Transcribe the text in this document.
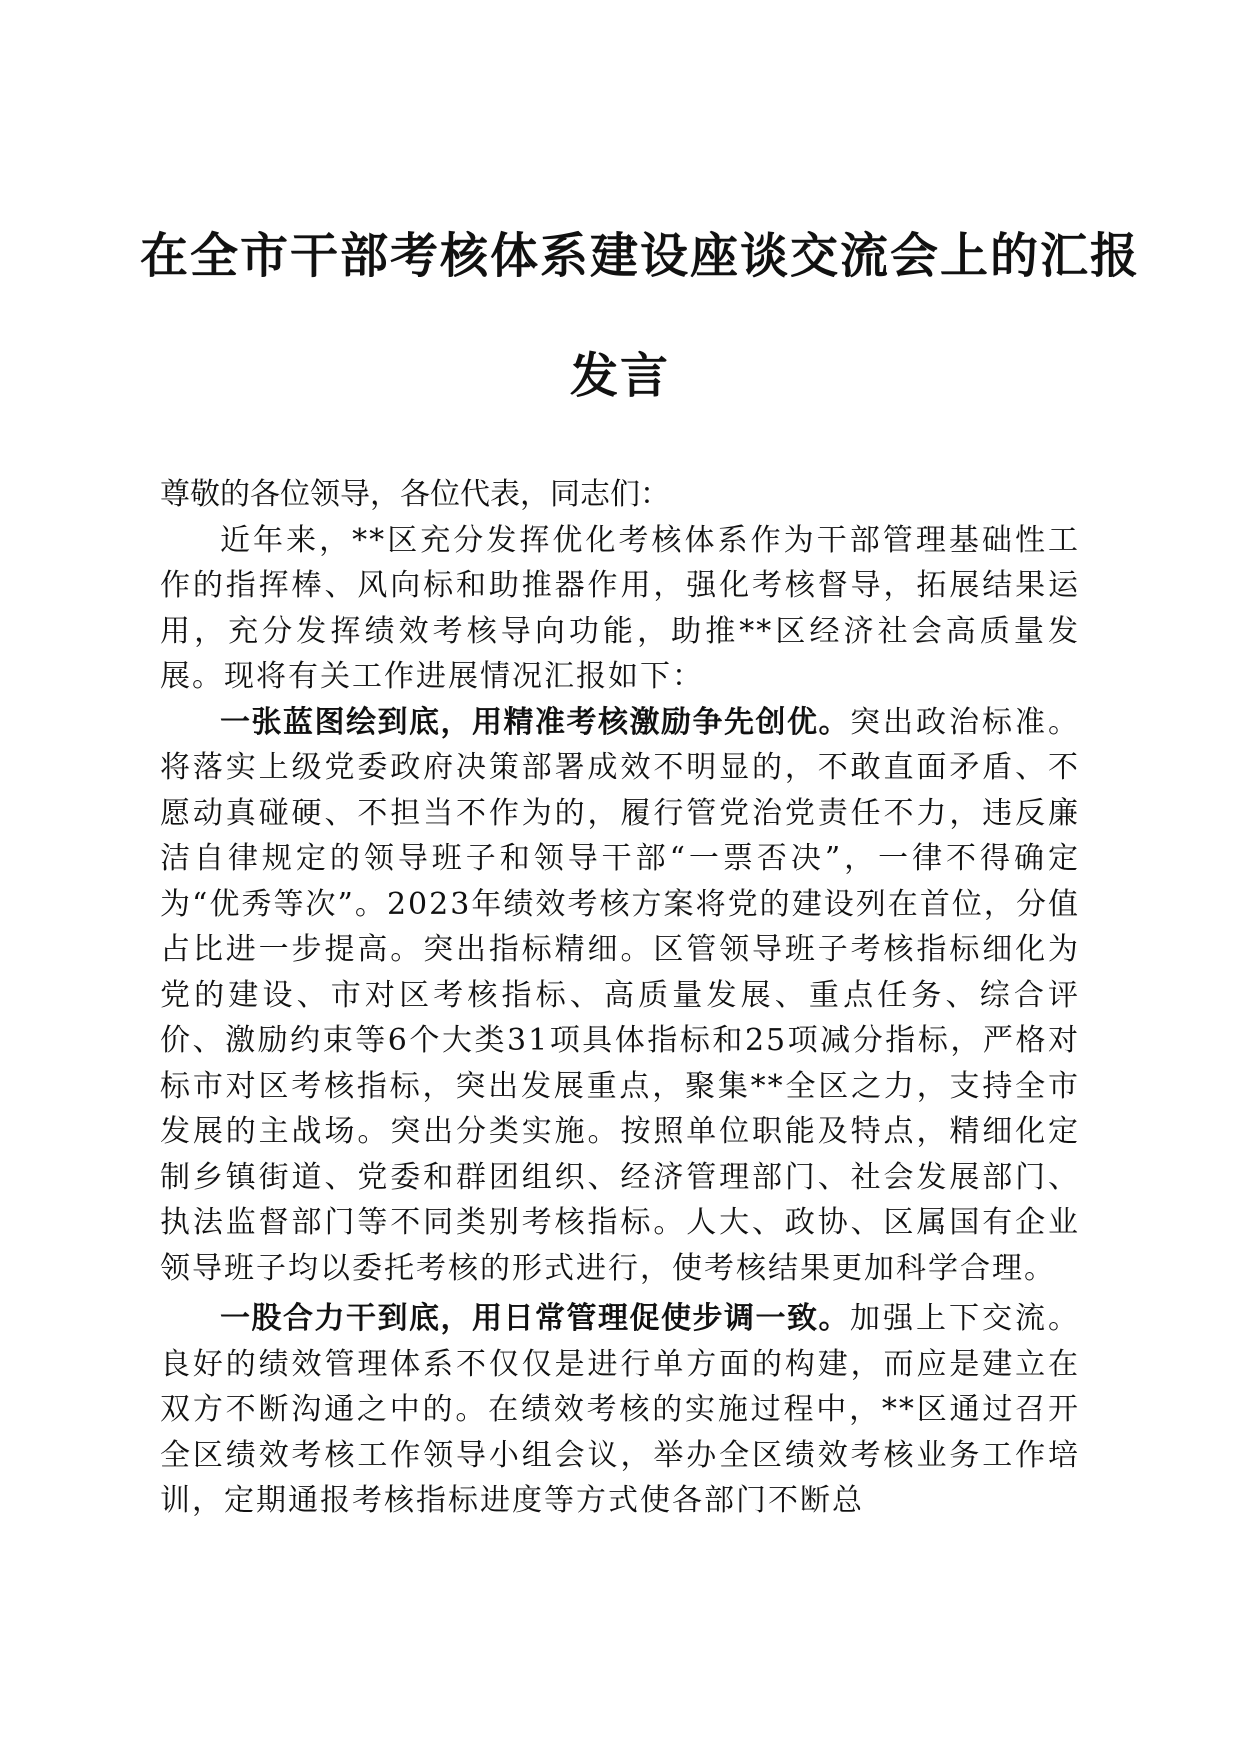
在全市干部考核体系建设座谈交流会上的汇报
发言

尊敬的各位领导，各位代表，同志们：

近年来，**区充分发挥优化考核体系作为干部管理基础性工作的指挥棒、风向标和助推器作用，强化考核督导，拓展结果运用，充分发挥绩效考核导向功能，助推**区经济社会高质量发展。现将有关工作进展情况汇报如下：

一张蓝图绘到底，用精准考核激励争先创优。突出政治标准。将落实上级党委政府决策部署成效不明显的，不敢直面矛盾、不愿动真碰硬、不担当不作为的，履行管党治党责任不力，违反廉洁自律规定的领导班子和领导干部“一票否决”，一律不得确定为“优秀等次”。2023年绩效考核方案将党的建设列在首位，分值占比进一步提高。突出指标精细。区管领导班子考核指标细化为党的建设、市对区考核指标、高质量发展、重点任务、综合评价、激励约束等6个大类31项具体指标和25项减分指标，严格对标市对区考核指标，突出发展重点，聚集**全区之力，支持全市发展的主战场。突出分类实施。按照单位职能及特点，精细化定制乡镇街道、党委和群团组织、经济管理部门、社会发展部门、执法监督部门等不同类别考核指标。人大、政协、区属国有企业领导班子均以委托考核的形式进行，使考核结果更加科学合理。

一股合力干到底，用日常管理促使步调一致。加强上下交流。良好的绩效管理体系不仅仅是进行单方面的构建，而应是建立在双方不断沟通之中的。在绩效考核的实施过程中，**区通过召开全区绩效考核工作领导小组会议，举办全区绩效考核业务工作培训，定期通报考核指标进度等方式使各部门不断总
